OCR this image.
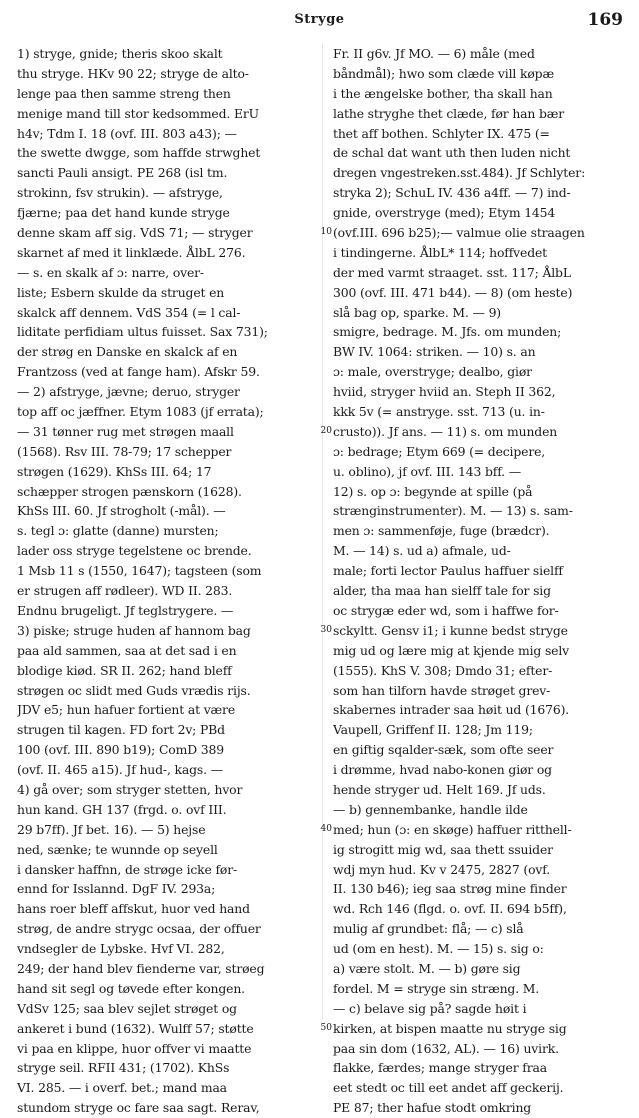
Stryge	169
1) stryge, gnide; theris skoo skalt
thu stryge. HKv 90 22; stryge de alto-
lenge paa then samme streng then
menige mand till stor kedsommed. ErU
h4v; Tdm I. 18 (ovf. III. 803 a43); —
the swette dwgge, som haffde strwghet
sancti Pauli ansigt. PE 268 (isl tm.
strokinn, fsv strukin). — afstryge,
fjærne; paa det hand kunde stryge
denne skam aff sig. VdS 71; — stryger
skarnet af med it linklæde. ÅlbL 276.
— s. en skalk af ɔ: narre, over-
liste; Esbern skulde da struget en
skalck aff dennem. VdS 354 (= l cal-
liditate perfidiam ultus fuisset. Sax 731);
der strøg en Danske en skalck af en
Frantzoss (ved at fange ham). Afskr 59.
— 2) afstryge, jævne; deruo, stryger
top aff oc jæffner. Etym 1083 (jf errata);
— 31 tønner rug met strøgen maall
(1568). Rsv III. 78-79; 17 schepper
strøgen (1629). KhSs III. 64; 17
schæpper strogen pænskorn (1628).
KhSs III. 60. Jf strogholt (-mål). —
s. tegl ɔ: glatte (danne) mursten;
lader oss stryge tegelstene oc brende.
1 Msb 11 s (1550, 1647); tagsteen (som
er strugen aff rødleer). WD II. 283.
Endnu brugeligt. Jf teglstrygere. —
3) piske; struge huden af hannom bag
paa ald sammen, saa at det sad i en
blodige kiød. SR II. 262; hand bleff
strøgen oc slidt med Guds vrædis rijs.
JDV e5; hun hafuer fortient at være
strugen til kagen. FD fort 2v; PBd
100 (ovf. III. 890 b19); ComD 389
(ovf. II. 465 a15). Jf hud-, kags. —
4) gå over; som stryger stetten, hvor
hun kand. GH 137 (frgd. o. ovf III.
29 b7ff). Jf bet. 16). — 5) hejse
ned, sænke; te wunnde op seyell
i dansker haffnn, de strøge icke før-
ennd for Isslannd. DgF IV. 293a;
hans roer bleff affskut, huor ved hand
strøg, de andre strygc ocsaa, der offuer
vndsegler de Lybske. Hvf VI. 282,
249; der hand blev fienderne var, strøeg
hand sit segl og tøvede efter kongen.
VdSv 125; saa blev sejlet strøget og
ankeret i bund (1632). Wulff 57; støtte
vi paa en klippe, huor offver vi maatte
stryge seil. RFII 431; (1702). KhSs
VI. 285. — i overf. bet.; mand maa
stundom stryge oc fare saa sagt. Rerav,
Fr. II g6v. Jf MO. — 6) måle (med
båndmål); hwo som clæde vill køpæ
i the ængelske bother, tha skall han
lathe stryghe thet clæde, før han bær
thet aff bothen. Schlyter IX. 475 (=
de schal dat want uth then luden nicht
dregen vngestreken.sst.484). Jf Schlyter:
stryka 2); SchuL IV. 436 a4ff. — 7) ind-
gnide, overstryge (med); Etym 1454
(ovf.III. 696 b25);— valmue olie straagen
i tindingerne. ÅlbL* 114; hoffvedet
der med varmt straaget. sst. 117; ÅlbL
300 (ovf. III. 471 b44). — 8) (om heste)
slå bag op, sparke. M. — 9)
smigre, bedrage. M. Jfs. om munden;
BW IV. 1064: striken. — 10) s. an
ɔ: male, overstryge; dealbo, giør
hviid, stryger hviid an. Steph II 362,
kkk 5v (= anstryge. sst. 713 (u. in-
crusto)). Jf ans. — 11) s. om munden
ɔ: bedrage; Etym 669 (= decipere,
u. oblino), jf ovf. III. 143 bff. —
12) s. op ɔ: begynde at spille (på
strænginstrumenter). M. — 13) s. sam-
men ɔ: sammenføje, fuge (brædcr).
M. — 14) s. ud a) afmale, ud-
male; forti lector Paulus haffuer sielff
alder, tha maa han sielff tale for sig
oc strygæ eder wd, som i haffwe for-
sckyltt. Gensv i1; i kunne bedst stryge
mig ud og lære mig at kjende mig selv
(1555). KhS V. 308; Dmdo 31; efter-
som han tilforn havde strøget grev-
skabernes intrader saa høit ud (1676).
Vaupell, Griffenf II. 128; Jm 119;
en giftig sqalder-sæk, som ofte seer
i drømme, hvad nabo-konen giør og
hende stryger ud. Helt 169. Jf uds.
— b) gennembanke, handle ilde
med; hun (ɔ: en skøge) haffuer ritthell-
ig strogitt mig wd, saa thett ssuider
wdj myn hud. Kv v 2475, 2827 (ovf.
II. 130 b46); ieg saa strøg mine finder
wd. Rch 146 (flgd. o. ovf. II. 694 b5ff),
mulig af grundbet: flå; — c) slå
ud (om en hest). M. — 15) s. sig o:
a) være stolt. M. — b) gøre sig
fordel. M = stryge sin stræng. M.
— c) belave sig på? sagde høit i
kirken, at bispen maatte nu stryge sig
paa sin dom (1632, AL). — 16) uvirk.
flakke, færdes; mange stryger fraa
eet stedt oc till eet andet aff geckerij.
PE 87; ther hafue stodt omkring
10
20
30
40
50
